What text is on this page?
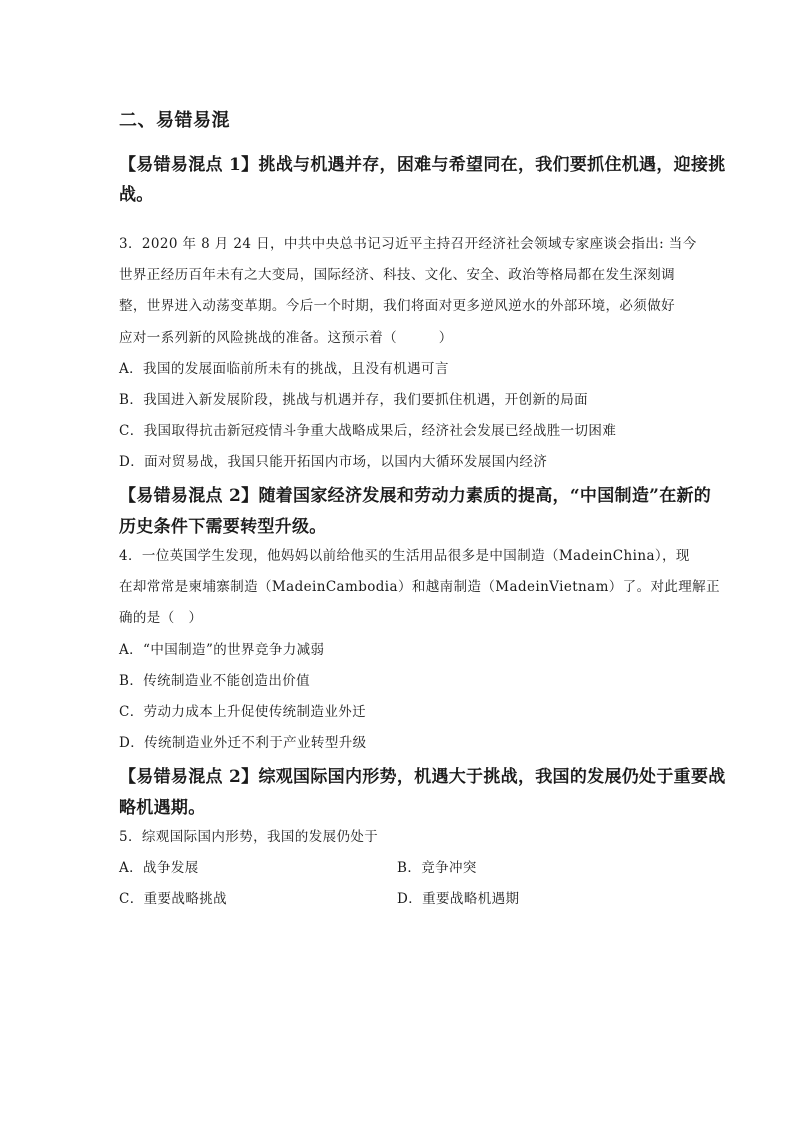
二、易错易混
【易错易混点 1】挑战与机遇并存，困难与希望同在，我们要抓住机遇，迎接挑
战。
3．2020 年 8 月 24 日，中共中央总书记习近平主持召开经济社会领域专家座谈会指出: 当今
世界正经历百年未有之大变局，国际经济、科技、文化、安全、政治等格局都在发生深刻调
整，世界进入动荡变革期。今后一个时期，我们将面对更多逆风逆水的外部环境，必须做好
应对一系列新的风险挑战的准备。这预示着（　　　）
A．我国的发展面临前所未有的挑战，且没有机遇可言
B．我国进入新发展阶段，挑战与机遇并存，我们要抓住机遇，开创新的局面
C．我国取得抗击新冠疫情斗争重大战略成果后，经济社会发展已经战胜一切困难
D．面对贸易战，我国只能开拓国内市场，以国内大循环发展国内经济
【易错易混点 2】随着国家经济发展和劳动力素质的提高，“中国制造”在新的
历史条件下需要转型升级。
4．一位英国学生发现，他妈妈以前给他买的生活用品很多是中国制造（MadeinChina），现
在却常常是柬埔寨制造（MadeinCambodia）和越南制造（MadeinVietnam）了。对此理解正
确的是（　）
A．“中国制造”的世界竞争力减弱
B．传统制造业不能创造出价值
C．劳动力成本上升促使传统制造业外迁
D．传统制造业外迁不利于产业转型升级
【易错易混点 2】综观国际国内形势，机遇大于挑战，我国的发展仍处于重要战
略机遇期。
5．综观国际国内形势，我国的发展仍处于
A．战争发展	B．竞争冲突
C．重要战略挑战	D．重要战略机遇期
